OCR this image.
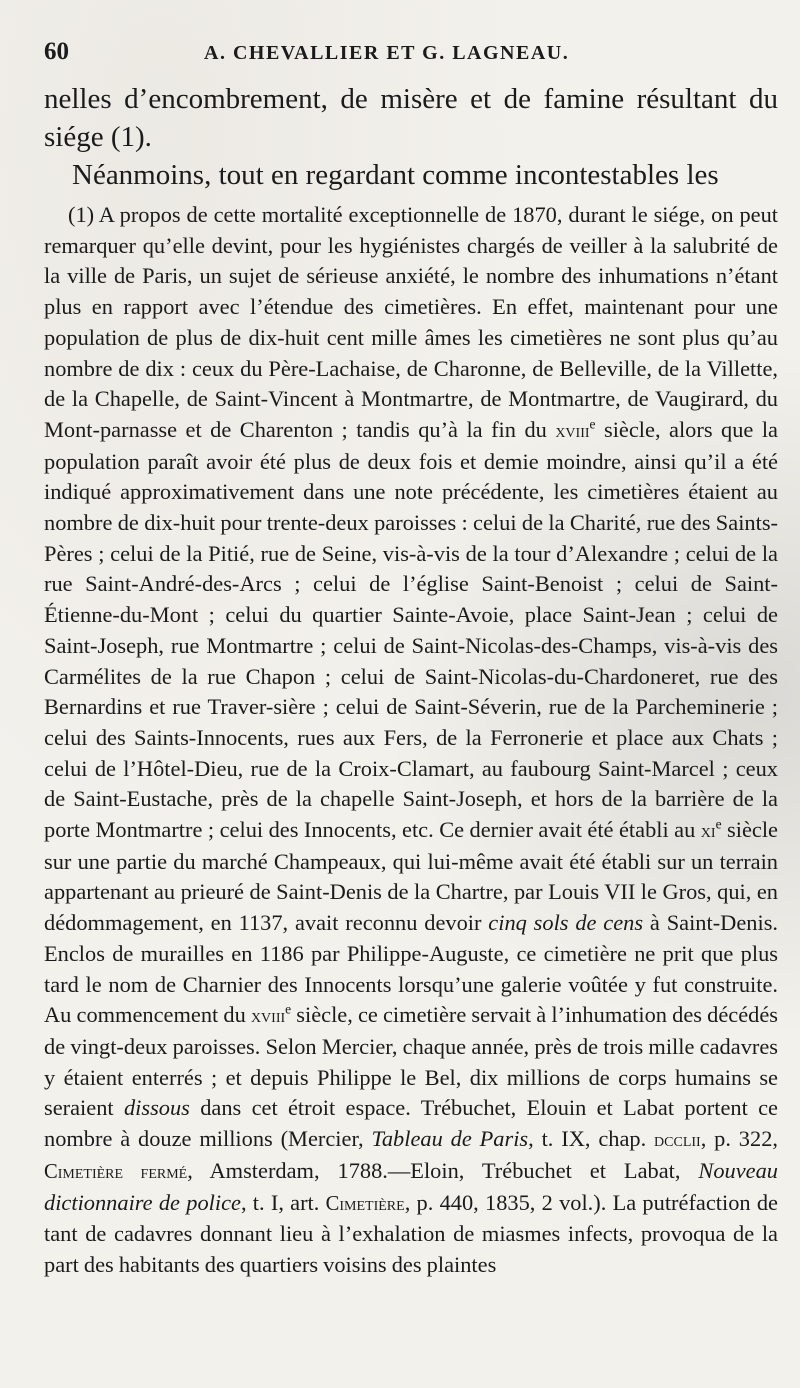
60	A. CHEVALLIER ET G. LAGNEAU.

nelles d’encombrement, de misère et de famine résultant du siége (1).

Néanmoins, tout en regardant comme incontestables les

(1) A propos de cette mortalité exceptionnelle de 1870, durant le siége, on peut remarquer qu’elle devint, pour les hygiénistes chargés de veiller à la salubrité de la ville de Paris, un sujet de sérieuse anxiété, le nombre des inhumations n’étant plus en rapport avec l’étendue des cimetières. En effet, maintenant pour une population de plus de dix-huit cent mille âmes les cimetières ne sont plus qu’au nombre de dix : ceux du Père-Lachaise, de Charonne, de Belleville, de la Villette, de la Chapelle, de Saint-Vincent à Montmartre, de Montmartre, de Vaugirard, du Mont-parnasse et de Charenton ; tandis qu’à la fin du xviii$^e$ siècle, alors que la population paraît avoir été plus de deux fois et demie moindre, ainsi qu’il a été indiqué approximativement dans une note précédente, les cimetières étaient au nombre de dix-huit pour trente-deux paroisses : celui de la Charité, rue des Saints-Pères ; celui de la Pitié, rue de Seine, vis-à-vis de la tour d’Alexandre ; celui de la rue Saint-André-des-Arcs ; celui de l’église Saint-Benoist ; celui de Saint-Étienne-du-Mont ; celui du quartier Sainte-Avoie, place Saint-Jean ; celui de Saint-Joseph, rue Montmartre ; celui de Saint-Nicolas-des-Champs, vis-à-vis des Carmélites de la rue Chapon ; celui de Saint-Nicolas-du-Chardoneret, rue des Bernardins et rue Traver-sière ; celui de Saint-Séverin, rue de la Parcheminerie ; celui des Saints-Innocents, rues aux Fers, de la Ferronerie et place aux Chats ; celui de l’Hôtel-Dieu, rue de la Croix-Clamart, au faubourg Saint-Marcel ; ceux de Saint-Eustache, près de la chapelle Saint-Joseph, et hors de la barrière de la porte Montmartre ; celui des Innocents, etc. Ce dernier avait été établi au $xi^e$ siècle sur une partie du marché Champeaux, qui lui-même avait été établi sur un terrain appartenant au prieuré de Saint-Denis de la Chartre, par Louis VII le Gros, qui, en dédommagement, en 1137, avait reconnu devoir cinq sols de cens à Saint-Denis. Enclos de murailles en 1186 par Philippe-Auguste, ce cimetière ne prit que plus tard le nom de Charnier des Innocents lorsqu’une galerie voûtée y fut construite. Au commencement du xviii$^e$ siècle, ce cimetière servait à l’inhumation des décédés de vingt-deux paroisses. Selon Mercier, chaque année, près de trois mille cadavres y étaient enterrés ; et depuis Philippe le Bel, dix millions de corps humains se seraient dissous dans cet étroit espace. Trébuchet, Elouin et Labat portent ce nombre à douze millions (Mercier, Tableau de Paris, t. IX, chap. dcclii, p. 322, Cimetière fermé, Amsterdam, 1788.—Eloin, Trébuchet et Labat, Nouveau dictionnaire de police, t. I, art. Cimetière, p. 440, 1835, 2 vol.). La putréfaction de tant de cadavres donnant lieu à l’exhalation de miasmes infects, provoqua de la part des habitants des quartiers voisins des plaintes
